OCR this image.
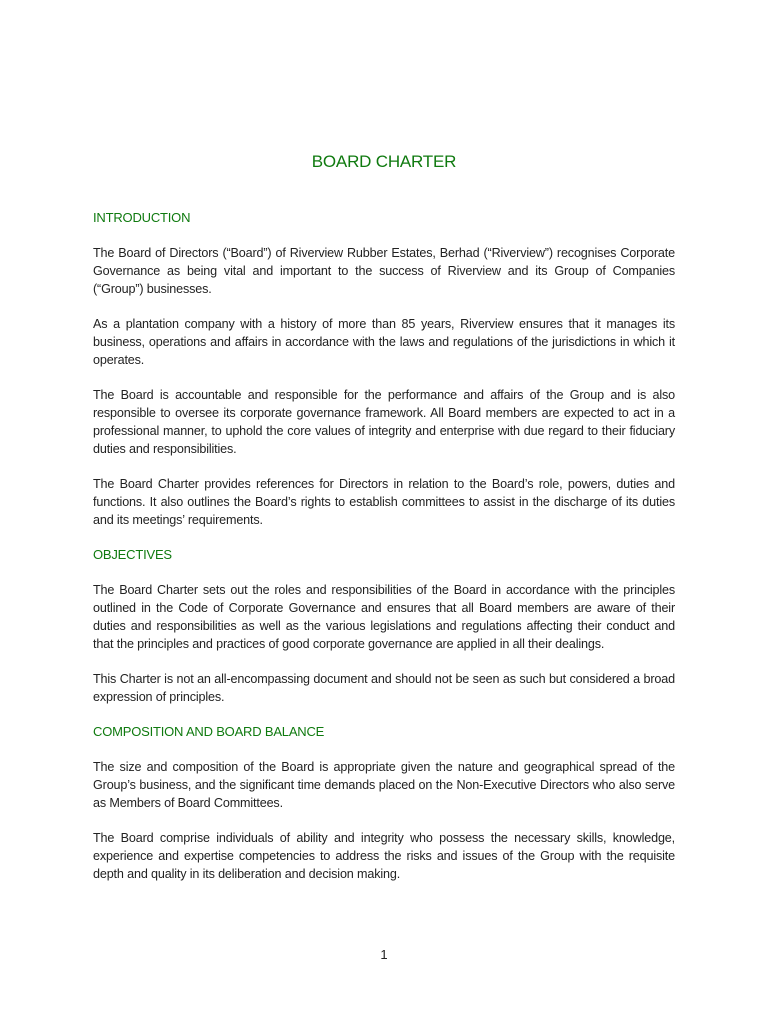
BOARD CHARTER
INTRODUCTION

The Board of Directors (“Board”) of Riverview Rubber Estates, Berhad (“Riverview”) recognises Corporate Governance as being vital and important to the success of Riverview and its Group of Companies (“Group”) businesses.

As a plantation company with a history of more than 85 years, Riverview ensures that it manages its business, operations and affairs in accordance with the laws and regulations of the jurisdictions in which it operates.

The Board is accountable and responsible for the performance and affairs of the Group and is also responsible to oversee its corporate governance framework. All Board members are expected to act in a professional manner, to uphold the core values of integrity and enterprise with due regard to their fiduciary duties and responsibilities.

The Board Charter provides references for Directors in relation to the Board’s role, powers, duties and functions. It also outlines the Board’s rights to establish committees to assist in the discharge of its duties and its meetings’ requirements.

OBJECTIVES

The Board Charter sets out the roles and responsibilities of the Board in accordance with the principles outlined in the Code of Corporate Governance and ensures that all Board members are aware of their duties and responsibilities as well as the various legislations and regulations affecting their conduct and that the principles and practices of good corporate governance are applied in all their dealings.

This Charter is not an all-encompassing document and should not be seen as such but considered a broad expression of principles.

COMPOSITION AND BOARD BALANCE

The size and composition of the Board is appropriate given the nature and geographical spread of the Group’s business, and the significant time demands placed on the Non-Executive Directors who also serve as Members of Board Committees.

The Board comprise individuals of ability and integrity who possess the necessary skills, knowledge, experience and expertise competencies to address the risks and issues of the Group with the requisite depth and quality in its deliberation and decision making.

1
